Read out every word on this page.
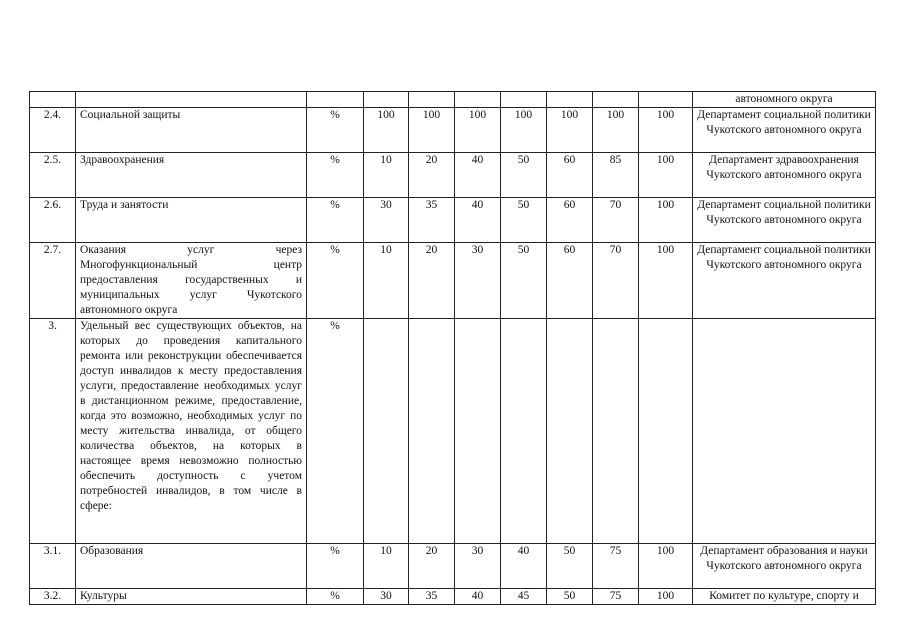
										автономного округа
2.4.	Социальной защиты	%	100	100	100	100	100	100	100	Департамент социальной политики Чукотского автономного округа
2.5.	Здравоохранения	%	10	20	40	50	60	85	100	Департамент здравоохранения Чукотского автономного округа
2.6.	Труда и занятости	%	30	35	40	50	60	70	100	Департамент социальной политики Чукотского автономного округа
2.7.	Оказания услуг через Многофункциональный центр предоставления государственных и муниципальных услуг Чукотского автономного округа	%	10	20	30	50	60	70	100	Департамент социальной политики Чукотского автономного округа
3.	Удельный вес существующих объектов, на которых до проведения капитального ремонта или реконструкции обеспечивается доступ инвалидов к месту предоставления услуги, предоставление необходимых услуг в дистанционном режиме, предоставление, когда это возможно, необходимых услуг по месту жительства инвалида, от общего количества объектов, на которых в настоящее время невозможно полностью обеспечить доступность с учетом потребностей инвалидов, в том числе в сфере:	%								
3.1.	Образования	%	10	20	30	40	50	75	100	Департамент образования и науки Чукотского автономного округа
3.2.	Культуры	%	30	35	40	45	50	75	100	Комитет по культуре, спорту и
